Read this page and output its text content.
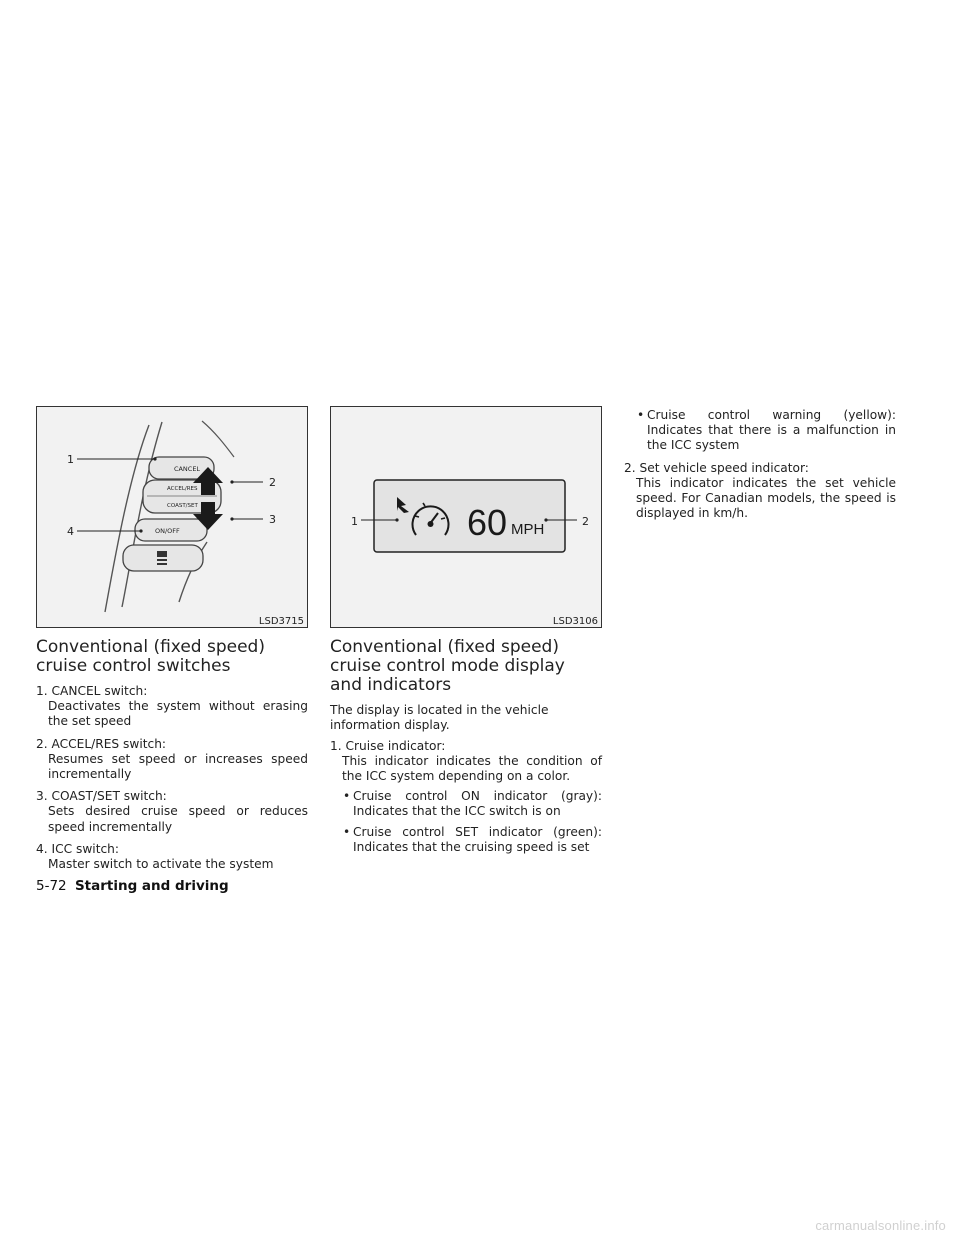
CANCEL
ACCEL/RES
COAST/SET
ON/OFF
1
2
3
4
LSD3715
Conventional (fixed speed) cruise control switches
1. CANCEL switch:
Deactivates the system without erasing the set speed
2. ACCEL/RES switch:
Resumes set speed or increases speed incrementally
3. COAST/SET switch:
Sets desired cruise speed or reduces speed incrementally
4. ICC switch:
Master switch to activate the system
60 MPH
1	2
LSD3106
Conventional (fixed speed) cruise control mode display and indicators

The display is located in the vehicle information display.

1. Cruise indicator:
This indicator indicates the condition of the ICC system depending on a color.
• Cruise control ON indicator (gray): Indicates that the ICC switch is on
• Cruise control SET indicator (green): Indicates that the cruising speed is set
• Cruise control warning (yellow): Indicates that there is a malfunction in the ICC system
2. Set vehicle speed indicator:
This indicator indicates the set vehicle speed. For Canadian models, the speed is displayed in km/h.
5-72 Starting and driving
carmanualsonline.info
